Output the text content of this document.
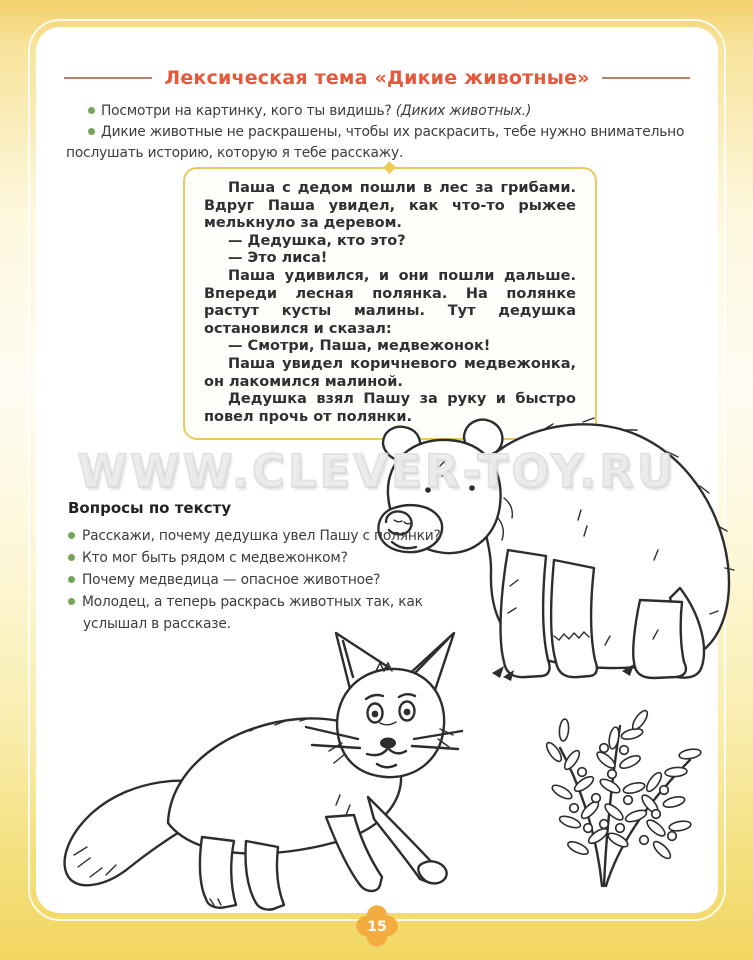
Лексическая тема «Дикие животные»

Посмотри на картинку, кого ты видишь? (Диких животных.)

Дикие животные не раскрашены, чтобы их раскрасить, тебе нужно внимательно послушать историю, которую я тебе расскажу.

Паша с дедом пошли в лес за грибами. Вдруг Паша увидел, как что-то рыжее мелькнуло за деревом.

— Дедушка, кто это?

— Это лиса!

Паша удивился, и они пошли дальше. Впереди лесная полянка. На полянке растут кусты малины. Тут дедушка остановился и сказал:

— Смотри, Паша, медвежонок!

Паша увидел коричневого медвежонка, он лакомился малиной.

Дедушка взял Пашу за руку и быстро повел прочь от полянки.

WWW.CLEVER-TOY.RU
Вопросы по тексту
Расскажи, почему дедушка увел Пашу с полянки?
Кто мог быть рядом с медвежонком?
Почему медведица — опасное животное?
Молодец, а теперь раскрась животных так, как услышал в рассказе.
15
